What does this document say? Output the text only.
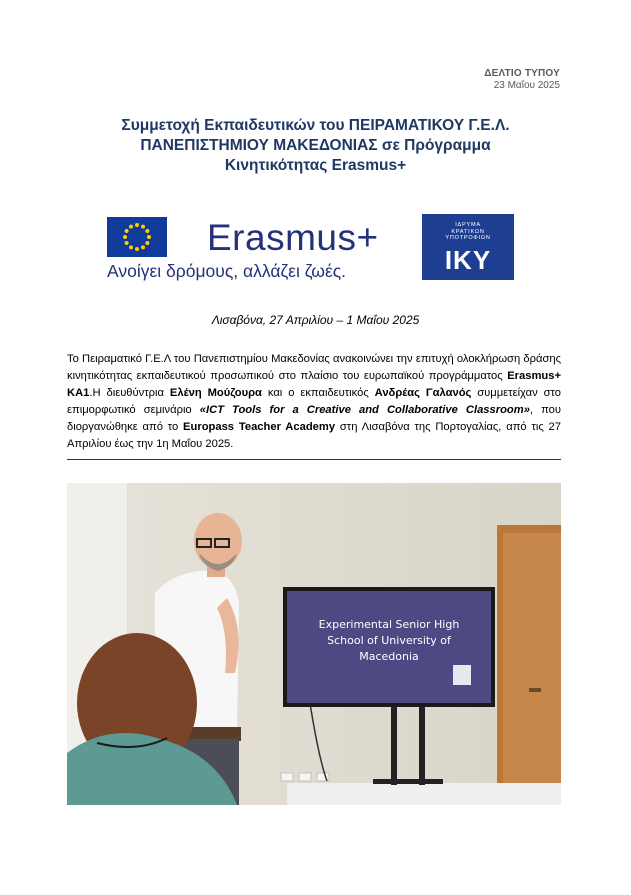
ΔΕΛΤΙΟ ΤΥΠΟΥ
23 Μαΐου 2025
Συμμετοχή Εκπαιδευτικών του ΠΕΙΡΑΜΑΤΙΚΟΥ Γ.Ε.Λ.
ΠΑΝΕΠΙΣΤΗΜΙΟΥ ΜΑΚΕΔΟΝΙΑΣ σε Πρόγραμμα
Κινητικότητας Erasmus+
Erasmus+
Ανοίγει δρόμους, αλλάζει ζωές.
ΙΔΡΥΜΑ
ΚΡΑΤΙΚΩΝ
ΥΠΟΤΡΟΦΙΩΝ
ΙΚΥ
Λισαβόνα, 27 Απριλίου – 1 Μαΐου 2025
Το Πειραματικό Γ.Ε.Λ του Πανεπιστημίου Μακεδονίας ανακοινώνει την επιτυχή ολοκλήρωση δράσης κινητικότητας εκπαιδευτικού προσωπικού στο πλαίσιο του ευρωπαϊκού προγράμματος Erasmus+ KA1.Η διευθύντρια Ελένη Μούζουρα και ο εκπαιδευτικός Ανδρέας Γαλανός συμμετείχαν στο επιμορφωτικό σεμινάριο «ICT Tools for a Creative and Collaborative Classroom», που διοργανώθηκε από το Europass Teacher Academy στη Λισαβόνα της Πορτογαλίας, από τις 27 Απριλίου έως την 1η Μαΐου 2025.
Experimental Senior High
School of University of
Macedonia
